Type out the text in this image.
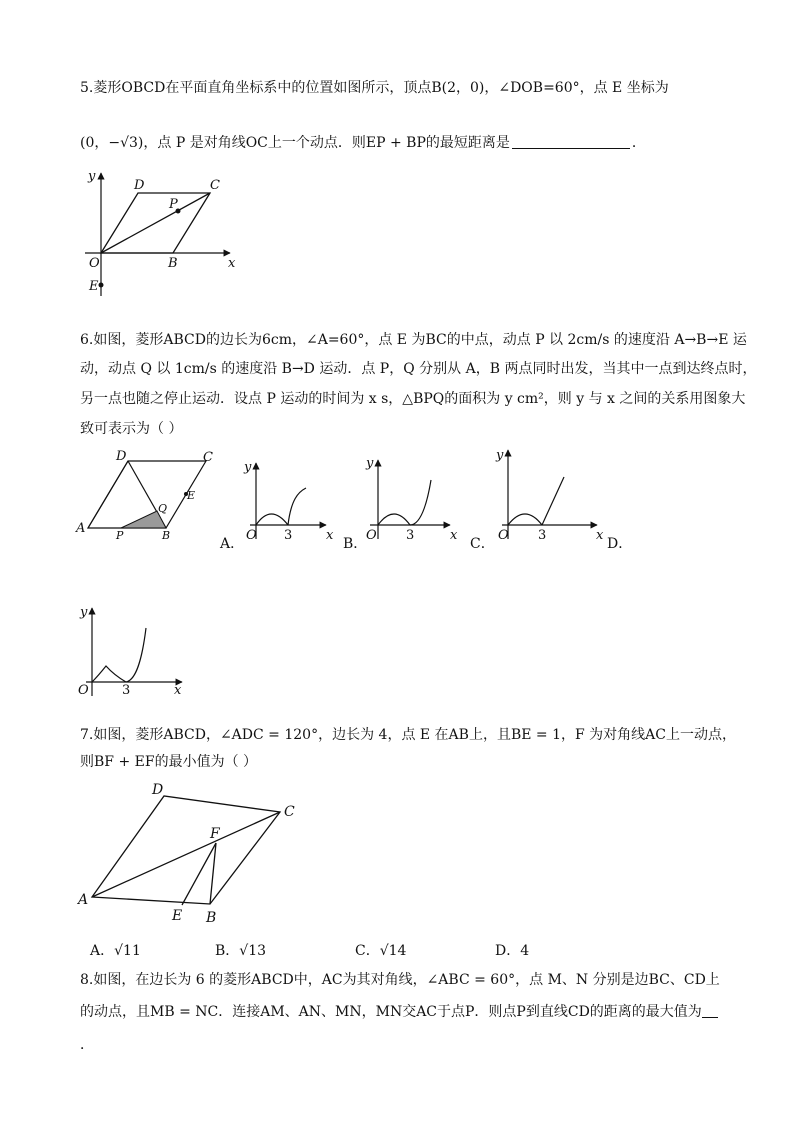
5.菱形OBCD在平面直角坐标系中的位置如图所示，顶点B(2，0)，∠DOB=60°，点 E 坐标为
(0，−√3)，点 P 是对角线OC上一个动点．则EP + BP的最短距离是	．
y
D	C
P
O	B	x
E
6.如图，菱形ABCD的边长为6cm，∠A=60°，点 E 为BC的中点，动点 P 以 2cm/s 的速度沿 A→B→E 运
动，动点 Q 以 1cm/s 的速度沿 B→D 运动．点 P，Q 分别从 A，B 两点同时出发，当其中一点到达终点时，
另一点也随之停止运动．设点 P 运动的时间为 x s，△BPQ的面积为 y cm²，则 y 与 x 之间的关系用图象大
致可表示为（ ）
D	C
E
Q
A	P	B
y
O 3	x
A．
y
O 3	x
B．
y
O 3	x
C．	D．
y
O	3	x
7.如图，菱形ABCD，∠ADC = 120°，边长为 4，点 E 在AB上，且BE = 1，F 为对角线AC上一动点，
则BF + EF的最小值为（ ）
D
C
F
A
E B
A．√11	B．√13	C．√14	D．4
8.如图，在边长为 6 的菱形ABCD中，AC为其对角线，∠ABC = 60°，点 M、N 分别是边BC、CD上
的动点，且MB = NC．连接AM、AN、MN，MN交AC于点P．则点P到直线CD的距离的最大值为
．
